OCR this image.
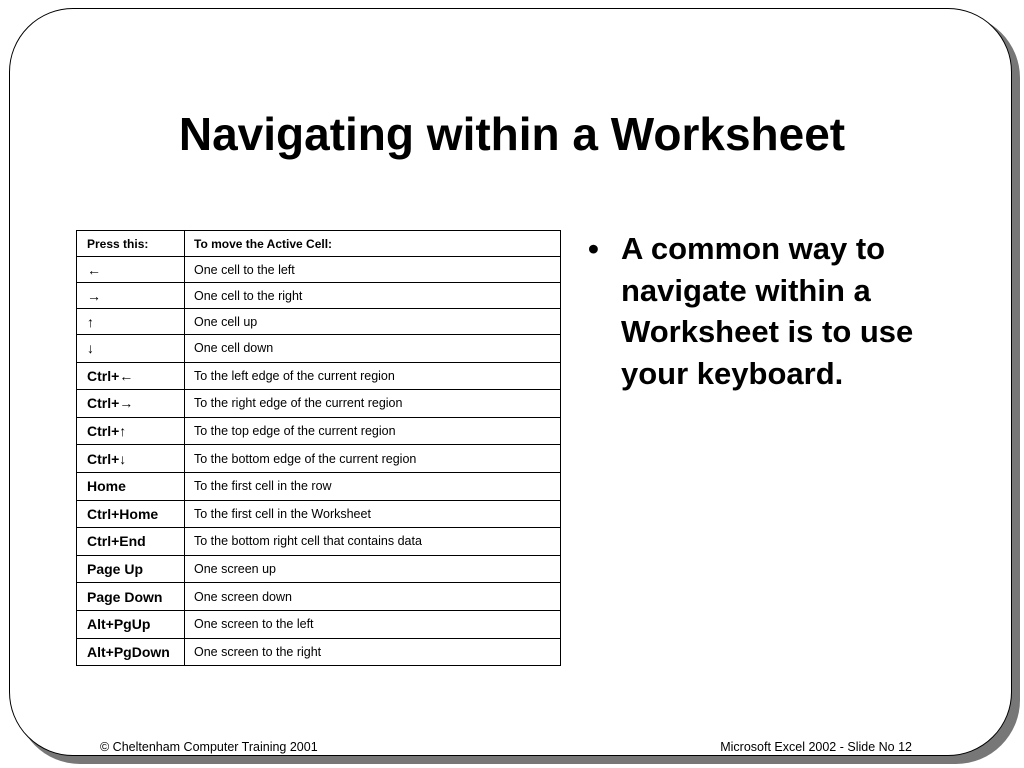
Navigating within a Worksheet
Press this:	To move the Active Cell:
←	One cell to the left
→	One cell to the right
↑	One cell up
↓	One cell down
Ctrl+←	To the left edge of the current region
Ctrl+→	To the right edge of the current region
Ctrl+↑	To the top edge of the current region
Ctrl+↓	To the bottom edge of the current region
Home	To the first cell in the row
Ctrl+Home	To the first cell in the Worksheet
Ctrl+End	To the bottom right cell that contains data
Page Up	One screen up
Page Down	One screen down
Alt+PgUp	One screen to the left
Alt+PgDown	One screen to the right
• A common way to navigate within a Worksheet is to use your keyboard.
© Cheltenham Computer Training 2001	Microsoft Excel 2002 - Slide No 12
